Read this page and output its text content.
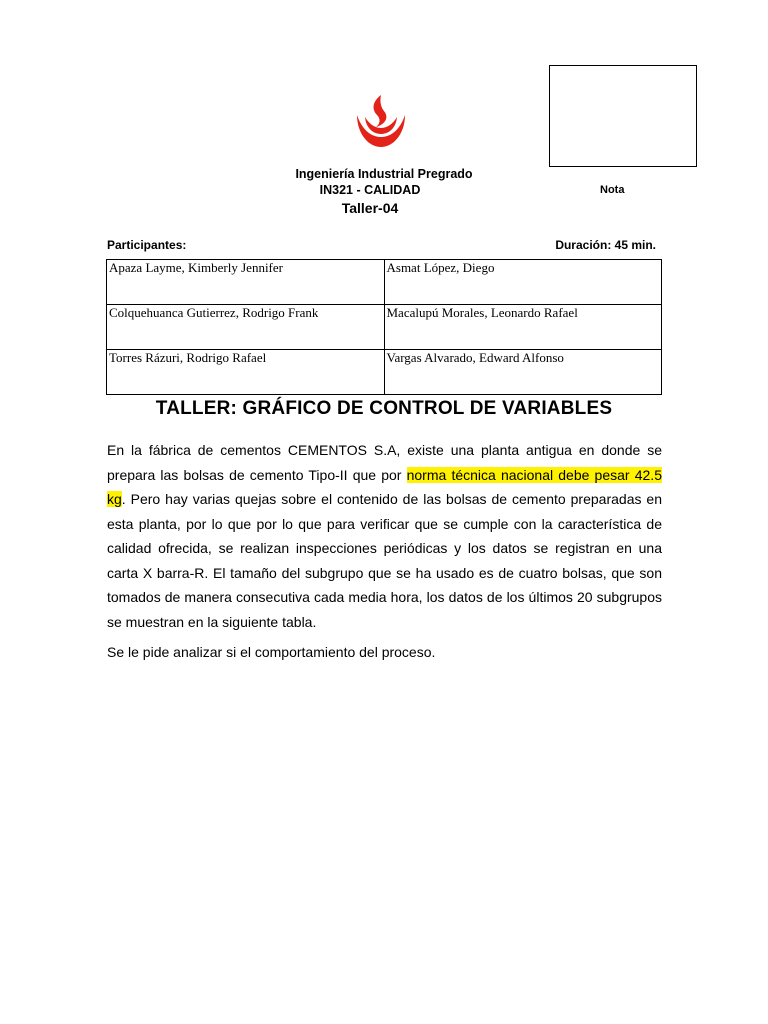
Nota
Ingeniería Industrial Pregrado
IN321 - CALIDAD
Taller-04
Participantes:	Duración: 45 min.
Apaza Layme, Kimberly Jennifer	Asmat López, Diego
Colquehuanca Gutierrez, Rodrigo Frank	Macalupú Morales, Leonardo Rafael
Torres Rázuri, Rodrigo Rafael	Vargas Alvarado, Edward Alfonso
TALLER: GRÁFICO DE CONTROL DE VARIABLES

En la fábrica de cementos CEMENTOS S.A, existe una planta antigua en donde se prepara las bolsas de cemento Tipo-II que por norma técnica nacional debe pesar 42.5 kg. Pero hay varias quejas sobre el contenido de las bolsas de cemento preparadas en esta planta, por lo que por lo que para verificar que se cumple con la característica de calidad ofrecida, se realizan inspecciones periódicas y los datos se registran en una carta X barra-R. El tamaño del subgrupo que se ha usado es de cuatro bolsas, que son tomados de manera consecutiva cada media hora, los datos de los últimos 20 subgrupos se muestran en la siguiente tabla.

Se le pide analizar si el comportamiento del proceso.
